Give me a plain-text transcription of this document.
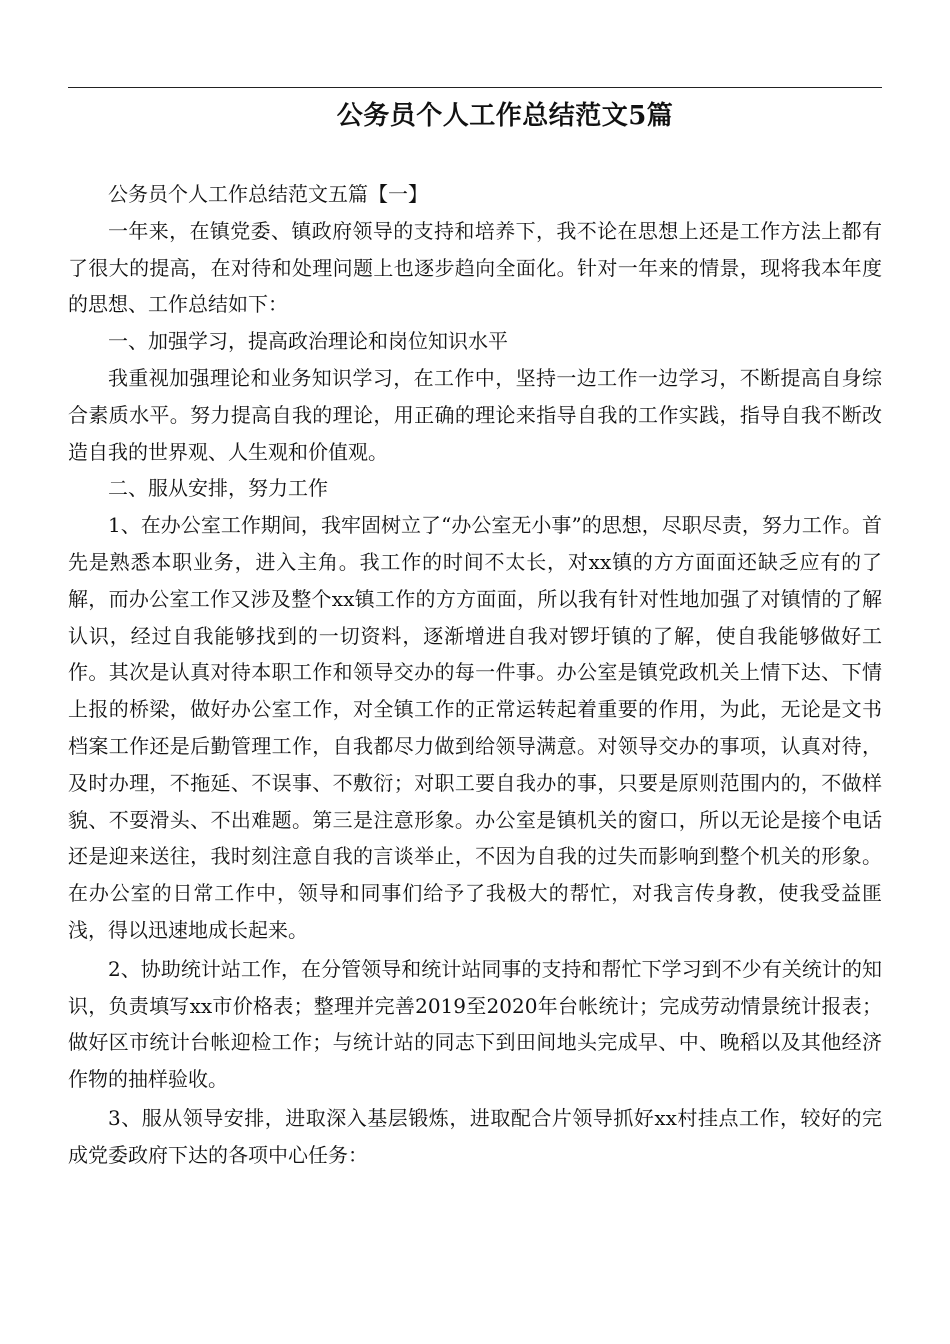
公务员个人工作总结范文5篇

公务员个人工作总结范文五篇【一】

一年来，在镇党委、镇政府领导的支持和培养下，我不论在思想上还是工作方法上都有了很大的提高，在对待和处理问题上也逐步趋向全面化。针对一年来的情景，现将我本年度的思想、工作总结如下：

一、加强学习，提高政治理论和岗位知识水平

我重视加强理论和业务知识学习，在工作中，坚持一边工作一边学习，不断提高自身综合素质水平。努力提高自我的理论，用正确的理论来指导自我的工作实践，指导自我不断改造自我的世界观、人生观和价值观。

二、服从安排，努力工作

1、在办公室工作期间，我牢固树立了“办公室无小事”的思想，尽职尽责，努力工作。首先是熟悉本职业务，进入主角。我工作的时间不太长，对xx镇的方方面面还缺乏应有的了解，而办公室工作又涉及整个xx镇工作的方方面面，所以我有针对性地加强了对镇情的了解认识，经过自我能够找到的一切资料，逐渐增进自我对锣圩镇的了解，使自我能够做好工作。其次是认真对待本职工作和领导交办的每一件事。办公室是镇党政机关上情下达、下情上报的桥梁，做好办公室工作，对全镇工作的正常运转起着重要的作用，为此，无论是文书档案工作还是后勤管理工作，自我都尽力做到给领导满意。对领导交办的事项，认真对待，及时办理，不拖延、不误事、不敷衍；对职工要自我办的事，只要是原则范围内的，不做样貌、不耍滑头、不出难题。第三是注意形象。办公室是镇机关的窗口，所以无论是接个电话还是迎来送往，我时刻注意自我的言谈举止，不因为自我的过失而影响到整个机关的形象。在办公室的日常工作中，领导和同事们给予了我极大的帮忙，对我言传身教，使我受益匪浅，得以迅速地成长起来。

2、协助统计站工作，在分管领导和统计站同事的支持和帮忙下学习到不少有关统计的知识，负责填写xx市价格表；整理并完善2019至2020年台帐统计；完成劳动情景统计报表；做好区市统计台帐迎检工作；与统计站的同志下到田间地头完成早、中、晚稻以及其他经济作物的抽样验收。

3、服从领导安排，进取深入基层锻炼，进取配合片领导抓好xx村挂点工作，较好的完成党委政府下达的各项中心任务：
